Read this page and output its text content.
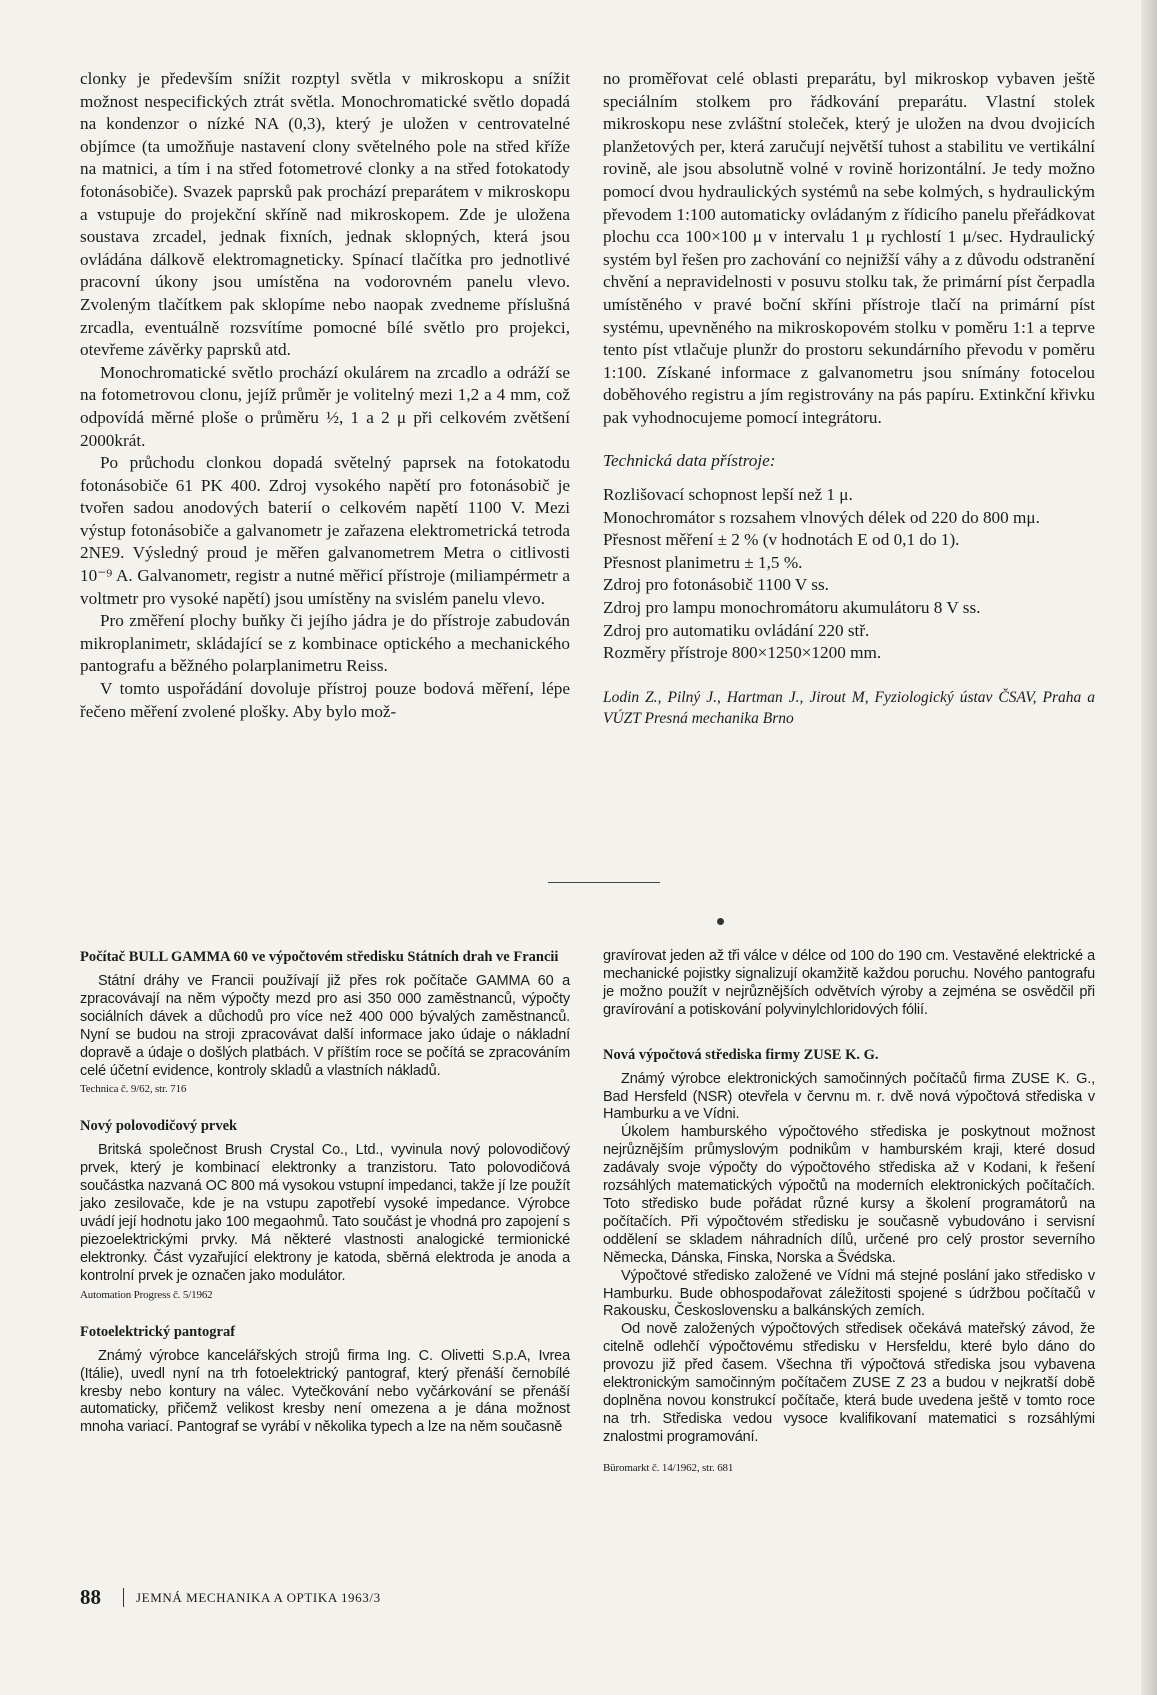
clonky je především snížit rozptyl světla v mikroskopu a snížit možnost nespecifických ztrát světla. Monochromatické světlo dopadá na kondenzor o nízké NA (0,3), který je uložen v centrovatelné objímce (ta umožňuje nastavení clony světelného pole na střed kříže na matnici, a tím i na střed fotometrové clonky a na střed fotokatody fotonásobiče). Svazek paprsků pak prochází preparátem v mikroskopu a vstupuje do projekční skříně nad mikroskopem. Zde je uložena soustava zrcadel, jednak fixních, jednak sklopných, která jsou ovládána dálkově elektromagneticky. Spínací tlačítka pro jednotlivé pracovní úkony jsou umístěna na vodorovném panelu vlevo. Zvoleným tlačítkem pak sklopíme nebo naopak zvedneme příslušná zrcadla, eventuálně rozsvítíme pomocné bílé světlo pro projekci, otevřeme závěrky paprsků atd.

Monochromatické světlo prochází okulárem na zrcadlo a odráží se na fotometrovou clonu, jejíž průměr je volitelný mezi 1,2 a 4 mm, což odpovídá měrné ploše o průměru ½, 1 a 2 μ při celkovém zvětšení 2000krát.

Po průchodu clonkou dopadá světelný paprsek na fotokatodu fotonásobiče 61 PK 400. Zdroj vysokého napětí pro fotonásobič je tvořen sadou anodových baterií o celkovém napětí 1100 V. Mezi výstup fotonásobiče a galvanometr je zařazena elektrometrická tetroda 2NE9. Výsledný proud je měřen galvanometrem Metra o citlivosti 10⁻⁹ A. Galvanometr, registr a nutné měřicí přístroje (miliampérmetr a voltmetr pro vysoké napětí) jsou umístěny na svislém panelu vlevo.

Pro změření plochy buňky či jejího jádra je do přístroje zabudován mikroplanimetr, skládající se z kombinace optického a mechanického pantografu a běžného polarplanimetru Reiss.

V tomto uspořádání dovoluje přístroj pouze bodová měření, lépe řečeno měření zvolené plošky. Aby bylo mož-

no proměřovat celé oblasti preparátu, byl mikroskop vybaven ještě speciálním stolkem pro řádkování preparátu. Vlastní stolek mikroskopu nese zvláštní stoleček, který je uložen na dvou dvojicích planžetových per, která zaručují největší tuhost a stabilitu ve vertikální rovině, ale jsou absolutně volné v rovině horizontální. Je tedy možno pomocí dvou hydraulických systémů na sebe kolmých, s hydraulickým převodem 1:100 automaticky ovládaným z řídicího panelu přeřádkovat plochu cca 100×100 μ v intervalu 1 μ rychlostí 1 μ/sec. Hydraulický systém byl řešen pro zachování co nejnižší váhy a z důvodu odstranění chvění a nepravidelnosti v posuvu stolku tak, že primární píst čerpadla umístěného v pravé boční skříni přístroje tlačí na primární píst systému, upevněného na mikroskopovém stolku v poměru 1:1 a teprve tento píst vtlačuje plunžr do prostoru sekundárního převodu v poměru 1:100. Získané informace z galvanometru jsou snímány fotocelou doběhového registru a jím registrovány na pás papíru. Extinkční křivku pak vyhodnocujeme pomocí integrátoru.

Technická data přístroje:

Rozlišovací schopnost lepší než 1 μ.

Monochromátor s rozsahem vlnových délek od 220 do 800 mμ.

Přesnost měření ± 2 % (v hodnotách E od 0,1 do 1).

Přesnost planimetru ± 1,5 %.

Zdroj pro fotonásobič 1100 V ss.

Zdroj pro lampu monochromátoru akumulátoru 8 V ss.

Zdroj pro automatiku ovládání 220 stř.

Rozměry přístroje 800×1250×1200 mm.

Lodin Z., Pilný J., Hartman J., Jirout M, Fyziologický ústav ČSAV, Praha a VÚZT Presná mechanika Brno

Počítač BULL GAMMA 60 ve výpočtovém středisku Státních drah ve Francii

Státní dráhy ve Francii používají již přes rok počítače GAMMA 60 a zpracovávají na něm výpočty mezd pro asi 350 000 zaměstnanců, výpočty sociálních dávek a důchodů pro více než 400 000 bývalých zaměstnanců. Nyní se budou na stroji zpracovávat další informace jako údaje o nákladní dopravě a údaje o došlých platbách. V příštím roce se počítá se zpracováním celé účetní evidence, kontroly skladů a vlastních nákladů.

Technica č. 9/62, str. 716

Nový polovodičový prvek

Britská společnost Brush Crystal Co., Ltd., vyvinula nový polovodičový prvek, který je kombinací elektronky a tranzistoru. Tato polovodičová součástka nazvaná OC 800 má vysokou vstupní impedanci, takže jí lze použít jako zesilovače, kde je na vstupu zapotřebí vysoké impedance. Výrobce uvádí její hodnotu jako 100 megaohmů. Tato součást je vhodná pro zapojení s piezoelektrickými prvky. Má některé vlastnosti analogické termionické elektronky. Část vyzařující elektrony je katoda, sběrná elektroda je anoda a kontrolní prvek je označen jako modulátor.

Automation Progress č. 5/1962

Fotoelektrický pantograf

Známý výrobce kancelářských strojů firma Ing. C. Olivetti S.p.A, Ivrea (Itálie), uvedl nyní na trh fotoelektrický pantograf, který přenáší černobílé kresby nebo kontury na válec. Vytečkování nebo vyčárkování se přenáší automaticky, přičemž velikost kresby není omezena a je dána možnost mnoha variací. Pantograf se vyrábí v několika typech a lze na něm současně

gravírovat jeden až tři válce v délce od 100 do 190 cm. Vestavěné elektrické a mechanické pojistky signalizují okamžitě každou poruchu. Nového pantografu je možno použít v nejrůznějších odvětvích výroby a zejména se osvědčil při gravírování a potiskování polyvinylchloridových fólií.

Nová výpočtová střediska firmy ZUSE K. G.

Známý výrobce elektronických samočinných počítačů firma ZUSE K. G., Bad Hersfeld (NSR) otevřela v červnu m. r. dvě nová výpočtová střediska v Hamburku a ve Vídni.

Úkolem hamburského výpočtového střediska je poskytnout možnost nejrůznějším průmyslovým podnikům v hamburském kraji, které dosud zadávaly svoje výpočty do výpočtového střediska až v Kodani, k řešení rozsáhlých matematických výpočtů na moderních elektronických počítačích. Toto středisko bude pořádat různé kursy a školení programátorů na počítačích. Při výpočtovém středisku je současně vybudováno i servisní oddělení se skladem náhradních dílů, určené pro celý prostor severního Německa, Dánska, Finska, Norska a Švédska.

Výpočtové středisko založené ve Vídni má stejné poslání jako středisko v Hamburku. Bude obhospodařovat záležitosti spojené s údržbou počítačů v Rakousku, Československu a balkánských zemích.

Od nově založených výpočtových středisek očekává mateřský závod, že citelně odlehčí výpočtovému středisku v Hersfeldu, které bylo dáno do provozu již před časem. Všechna tři výpočtová střediska jsou vybavena elektronickým samočinným počítačem ZUSE Z 23 a budou v nejkratší době doplněna novou konstrukcí počítače, která bude uvedena ještě v tomto roce na trh. Střediska vedou vysoce kvalifikovaní matematici s rozsáhlými znalostmi programování.

Büromarkt č. 14/1962, str. 681

88	JEMNÁ MECHANIKA A OPTIKA 1963/3
